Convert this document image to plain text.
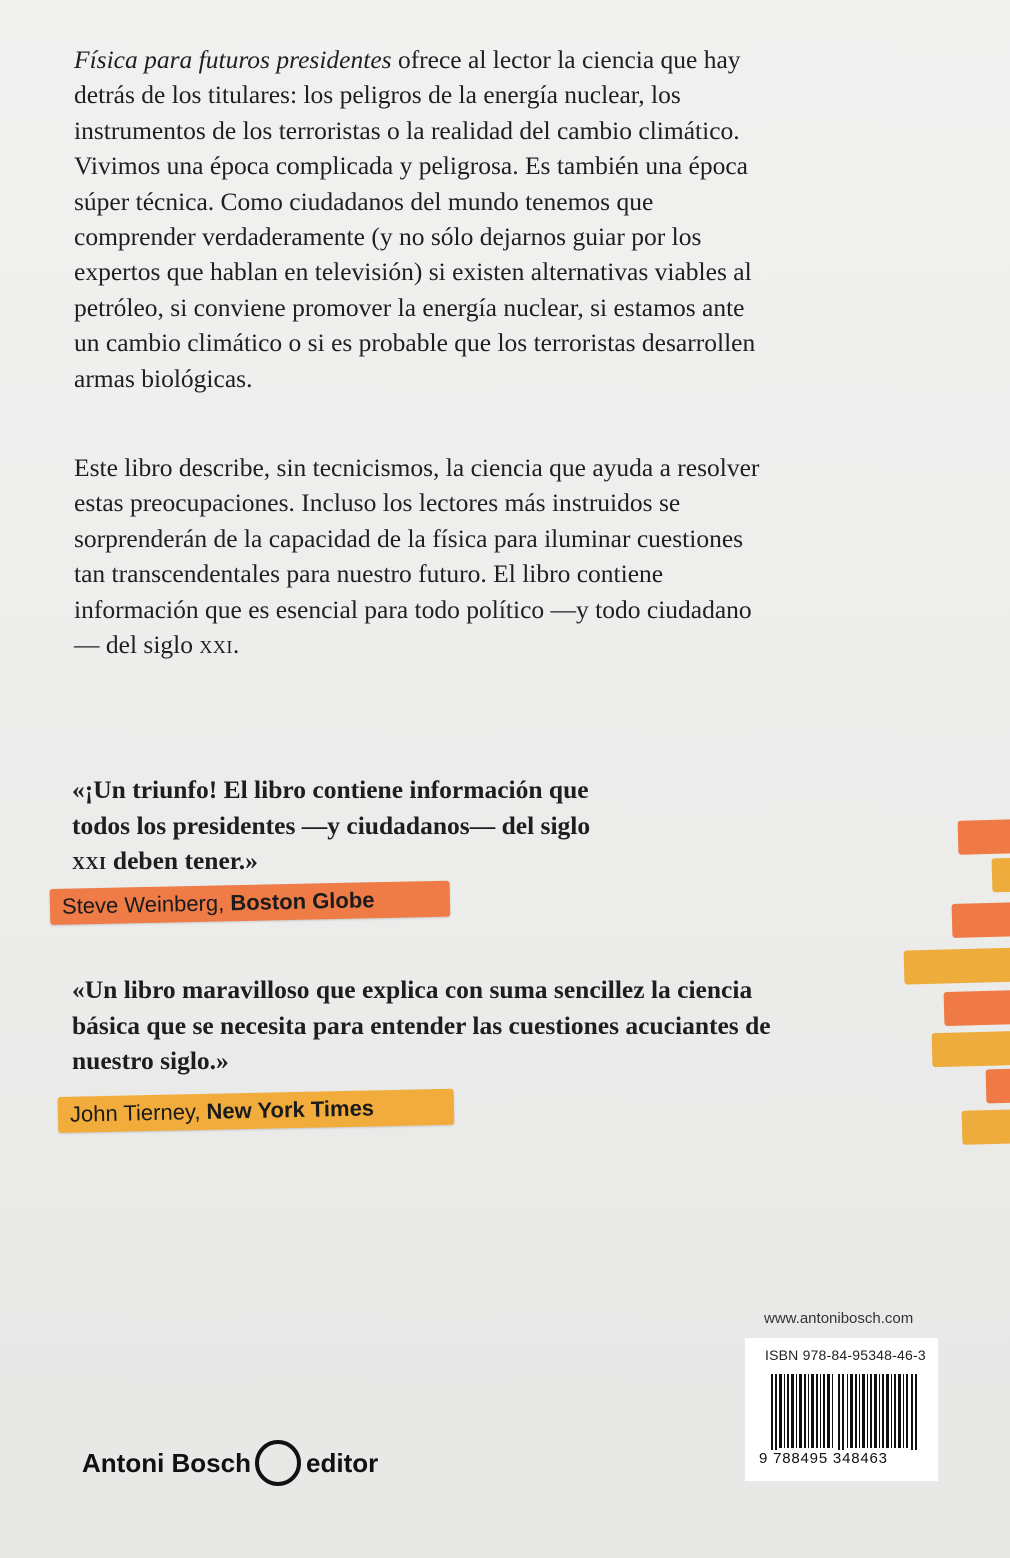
Física para futuros presidentes ofrece al lector la ciencia que hay detrás de los titulares: los peligros de la energía nuclear, los instrumentos de los terroristas o la realidad del cambio climático. Vivimos una época complicada y peligrosa. Es también una época súper técnica. Como ciudadanos del mundo tenemos que comprender verdaderamente (y no sólo dejarnos guiar por los expertos que hablan en televisión) si existen alternativas viables al petróleo, si conviene promover la energía nuclear, si estamos ante un cambio climático o si es probable que los terroristas desarrollen armas biológicas.

Este libro describe, sin tecnicismos, la ciencia que ayuda a resolver estas preocupaciones. Incluso los lectores más instruidos se sorprenderán de la capacidad de la física para iluminar cuestiones tan transcendentales para nuestro futuro. El libro contiene información que es esencial para todo político —y todo ciudadano— del siglo xxi.

«¡Un triunfo! El libro contiene información que
todos los presidentes —y ciudadanos— del siglo
xxi deben tener.»
Steve Weinberg, Boston Globe

«Un libro maravilloso que explica con suma sencillez la ciencia básica que se necesita para entender las cuestiones acuciantes de nuestro siglo.»

John Tierney, New York Times
www.antonibosch.com
ISBN 978-84-95348-46-3
9 788495 348463
Antoni Bosch editor
